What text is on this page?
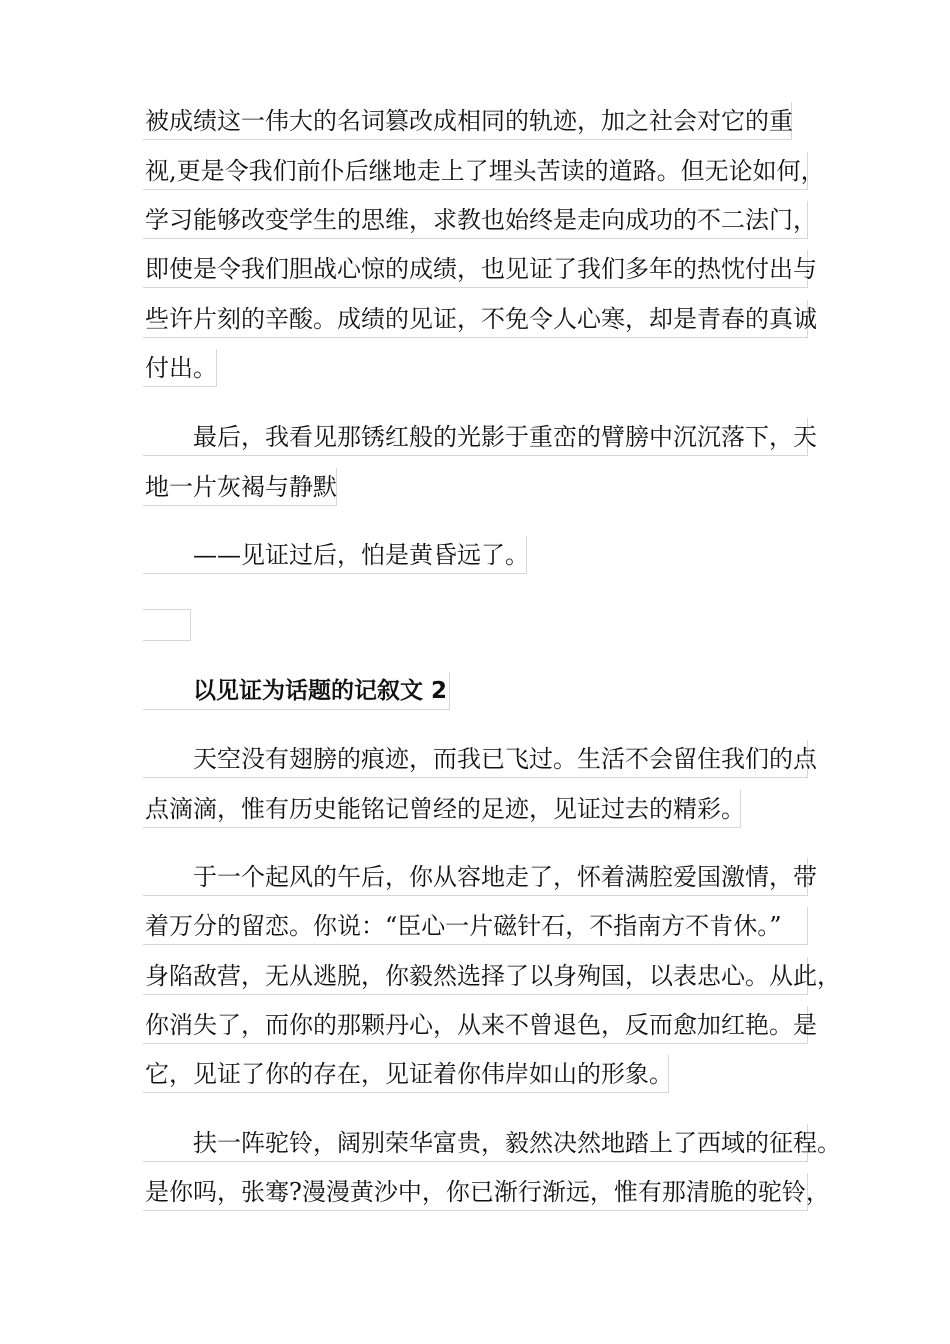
被成绩这一伟大的名词篡改成相同的轨迹，加之社会对它的重
视,更是令我们前仆后继地走上了埋头苦读的道路。但无论如何，
学习能够改变学生的思维，求教也始终是走向成功的不二法门，
即使是令我们胆战心惊的成绩，也见证了我们多年的热忱付出与
些许片刻的辛酸。成绩的见证，不免令人心寒，却是青春的真诚
付出。
最后，我看见那锈红般的光影于重峦的臂膀中沉沉落下，天
地一片灰褐与静默
——见证过后，怕是黄昏远了。
以见证为话题的记叙文 2
天空没有翅膀的痕迹，而我已飞过。生活不会留住我们的点
点滴滴，惟有历史能铭记曾经的足迹，见证过去的精彩。
于一个起风的午后，你从容地走了，怀着满腔爱国激情，带
着万分的留恋。你说：“臣心一片磁针石，不指南方不肯休。”
身陷敌营，无从逃脱，你毅然选择了以身殉国，以表忠心。从此，
你消失了，而你的那颗丹心，从来不曾退色，反而愈加红艳。是
它，见证了你的存在，见证着你伟岸如山的形象。
扶一阵驼铃，阔别荣华富贵，毅然决然地踏上了西域的征程。
是你吗，张骞?漫漫黄沙中，你已渐行渐远，惟有那清脆的驼铃，
